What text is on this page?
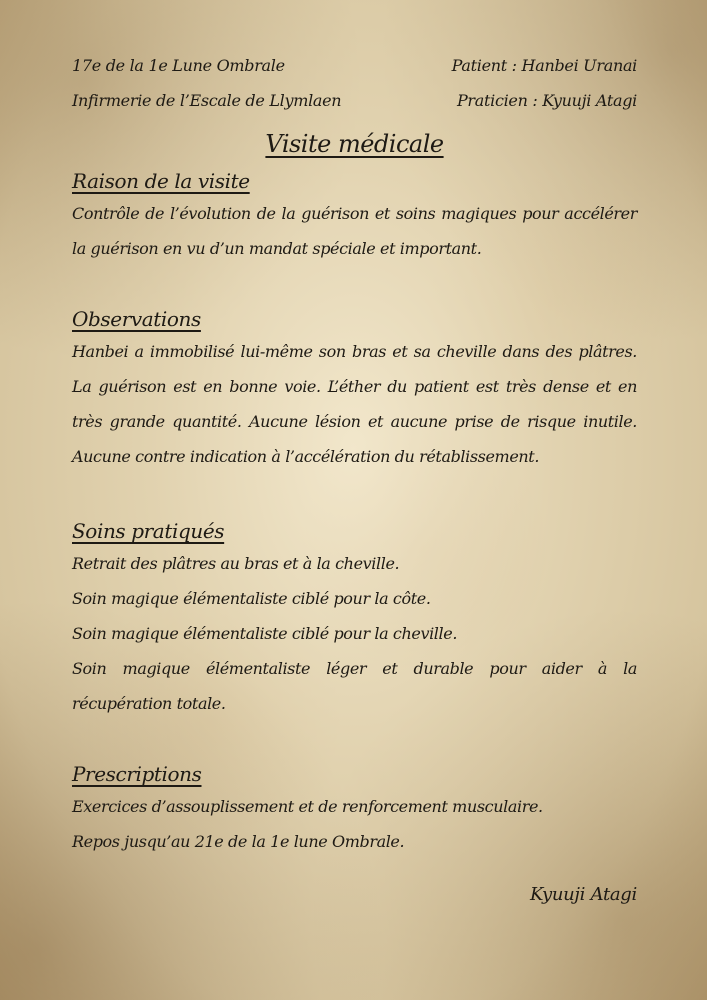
17e de la 1e Lune Ombrale	Patient : Hanbei Uranai
Infirmerie de l’Escale de Llymlaen	Praticien : Kyuuji Atagi
Visite médicale
Raison de la visite

Contrôle de l’évolution de la guérison et soins magiques pour accélérer la guérison en vu d’un mandat spéciale et important.

Observations

Hanbei a immobilisé lui-même son bras et sa cheville dans des plâtres. La guérison est en bonne voie. L’éther du patient est très dense et en très grande quantité. Aucune lésion et aucune prise de risque inutile. Aucune contre indication à l’accélération du rétablissement.

Soins pratiqués
Retrait des plâtres au bras et à la cheville.
Soin magique élémentaliste ciblé pour la côte.
Soin magique élémentaliste ciblé pour la cheville.
Soin magique élémentaliste léger et durable pour aider à la récupération totale.
Prescriptions
Exercices d’assouplissement et de renforcement musculaire.
Repos jusqu’au 21e de la 1e lune Ombrale.
Kyuuji Atagi
